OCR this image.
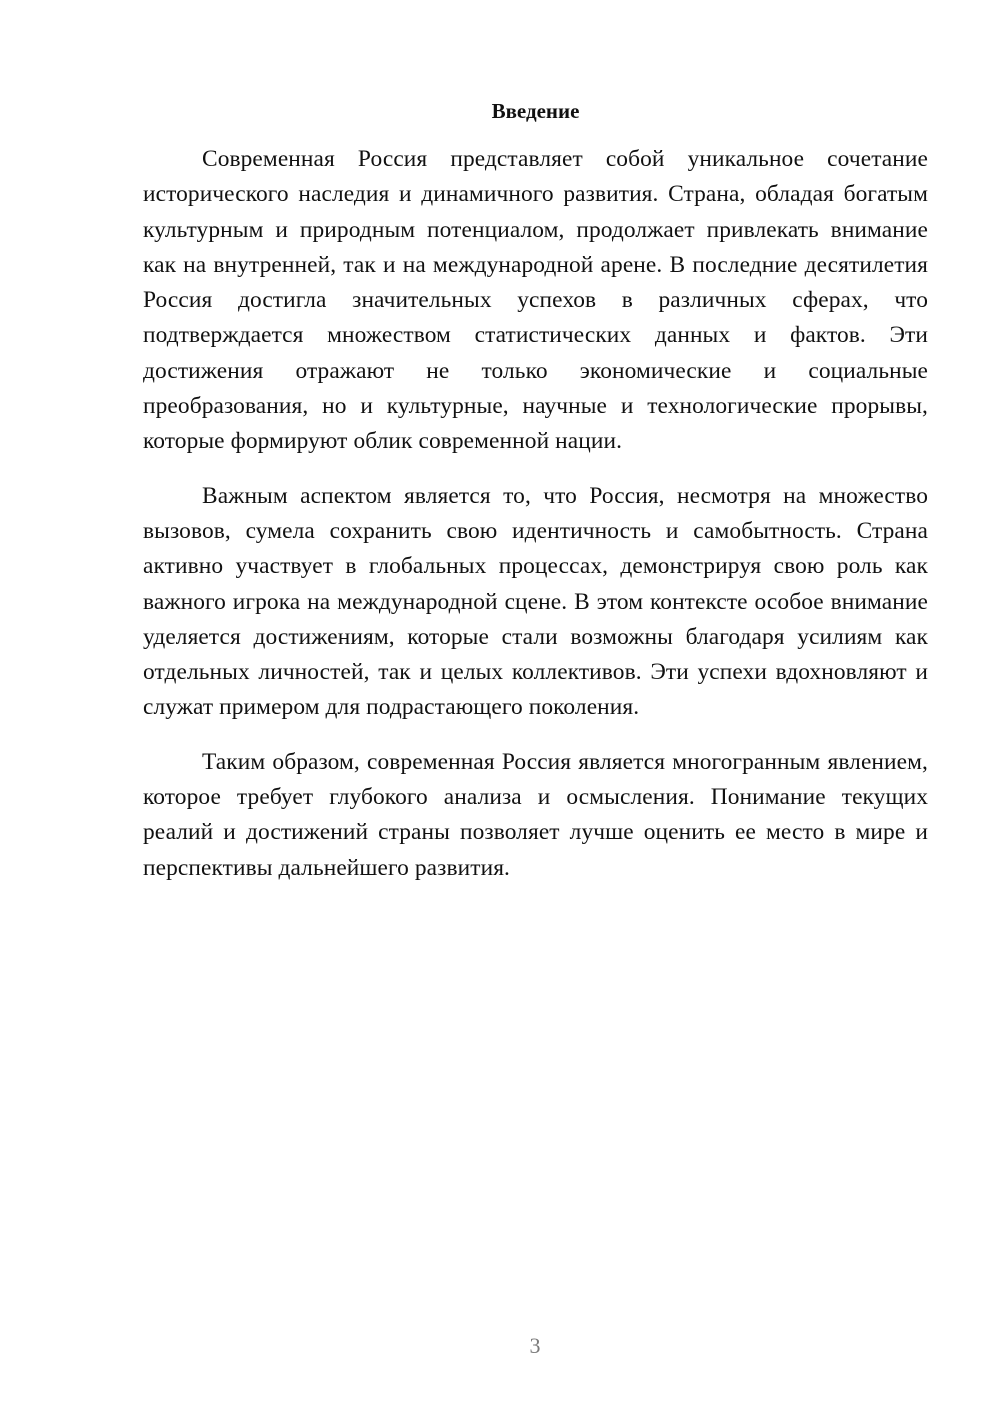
Введение

Современная Россия представляет собой уникальное сочетание исторического наследия и динамичного развития. Страна, обладая богатым культурным и природным потенциалом, продолжает привлекать внимание как на внутренней, так и на международной арене. В последние десятилетия Россия достигла значительных успехов в различных сферах, что подтверждается множеством статистических данных и фактов. Эти достижения отражают не только экономические и социальные преобразования, но и культурные, научные и технологические прорывы, которые формируют облик современной нации.

Важным аспектом является то, что Россия, несмотря на множество вызовов, сумела сохранить свою идентичность и самобытность. Страна активно участвует в глобальных процессах, демонстрируя свою роль как важного игрока на международной сцене. В этом контексте особое внимание уделяется достижениям, которые стали возможны благодаря усилиям как отдельных личностей, так и целых коллективов. Эти успехи вдохновляют и служат примером для подрастающего поколения.

Таким образом, современная Россия является многогранным явлением, которое требует глубокого анализа и осмысления. Понимание текущих реалий и достижений страны позволяет лучше оценить ее место в мире и перспективы дальнейшего развития.

3
